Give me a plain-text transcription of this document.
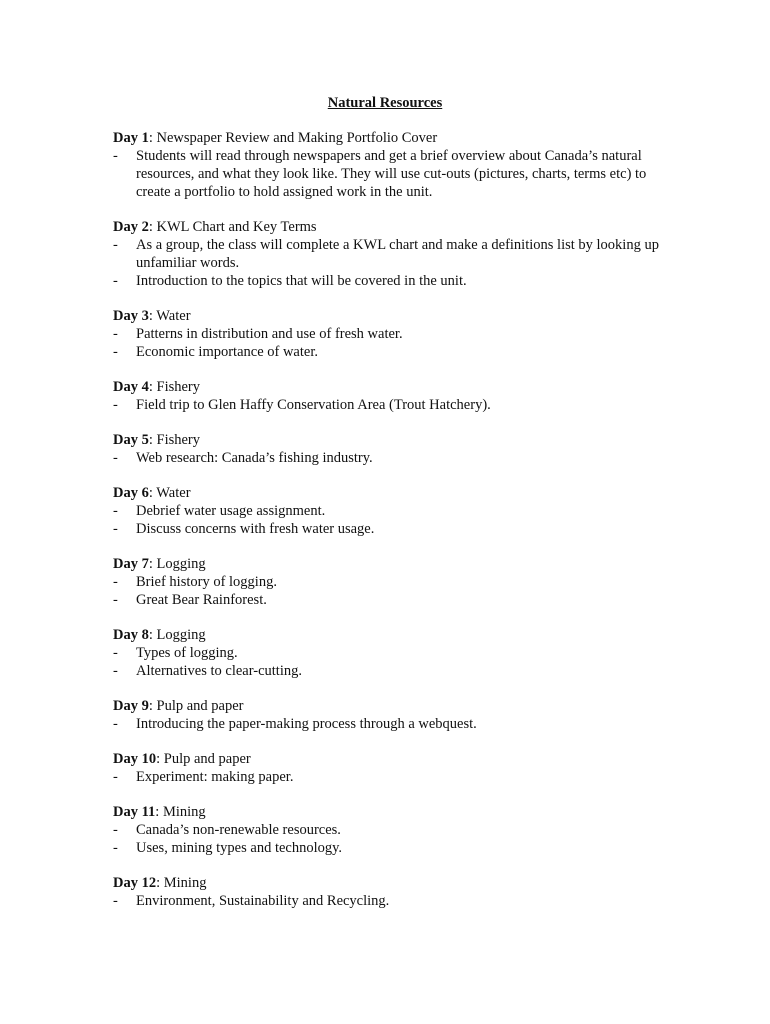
Natural Resources

Day 1: Newspaper Review and Making Portfolio Cover

- Students will read through newspapers and get a brief overview about Canada’s natural resources, and what they look like. They will use cut-outs (pictures, charts, terms etc) to create a portfolio to hold assigned work in the unit.

Day 2: KWL Chart and Key Terms

- As a group, the class will complete a KWL chart and make a definitions list by looking up unfamiliar words.
- Introduction to the topics that will be covered in the unit.

Day 3: Water

- Patterns in distribution and use of fresh water.
- Economic importance of water.

Day 4: Fishery

- Field trip to Glen Haffy Conservation Area (Trout Hatchery).

Day 5: Fishery

- Web research: Canada’s fishing industry.

Day 6: Water

- Debrief water usage assignment.
- Discuss concerns with fresh water usage.

Day 7: Logging

- Brief history of logging.
- Great Bear Rainforest.

Day 8: Logging

- Types of logging.
- Alternatives to clear-cutting.

Day 9: Pulp and paper

- Introducing the paper-making process through a webquest.

Day 10: Pulp and paper

- Experiment: making paper.

Day 11: Mining

- Canada’s non-renewable resources.
- Uses, mining types and technology.

Day 12: Mining

- Environment, Sustainability and Recycling.
